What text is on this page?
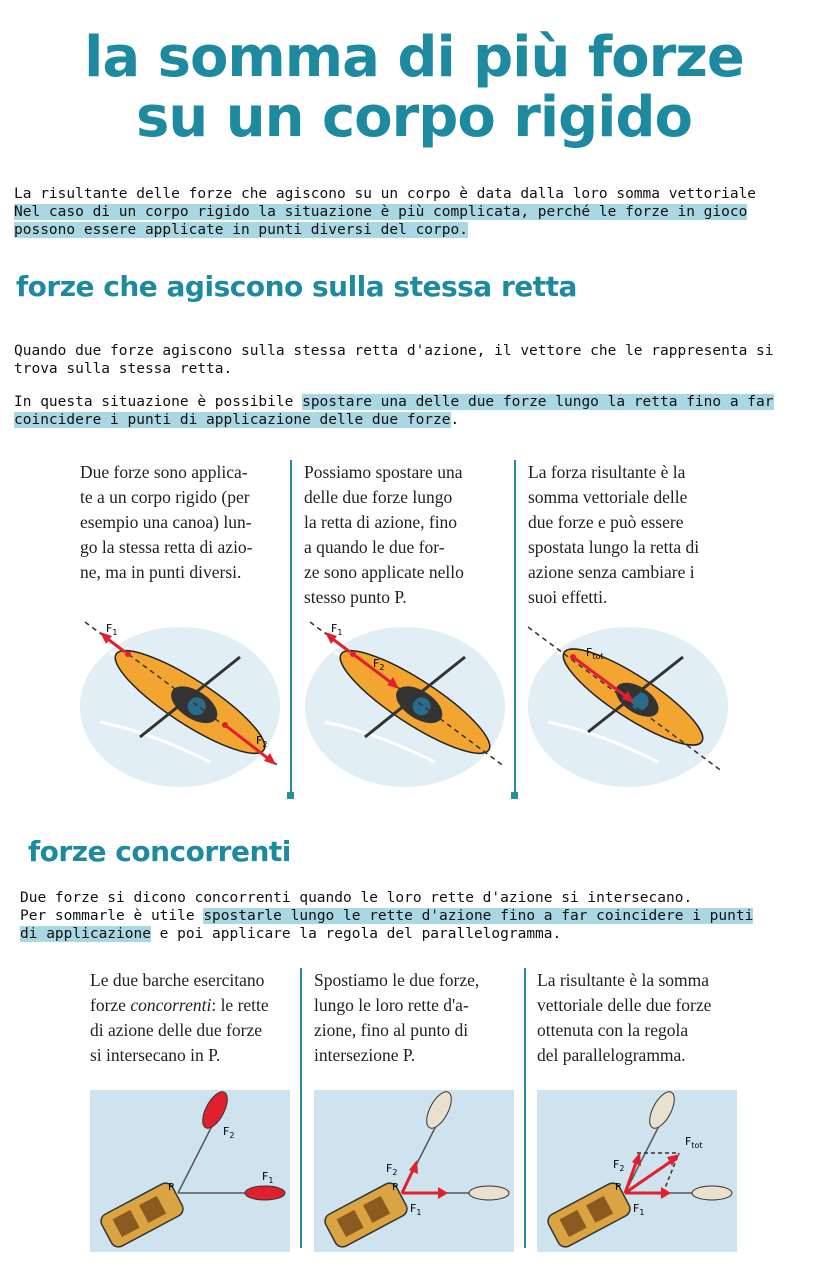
la somma di più forze
su un corpo rigido
La risultante delle forze che agiscono su un corpo è data dalla loro somma vettoriale
Nel caso di un corpo rigido la situazione è più complicata, perché le forze in gioco
possono essere applicate in punti diversi del corpo.
forze che agiscono sulla stessa retta
Quando due forze agiscono sulla stessa retta d'azione, il vettore che le rappresenta si
trova sulla stessa retta.
In questa situazione è possibile spostare una delle due forze lungo la retta fino a far
coincidere i punti di applicazione delle due forze.
Due forze sono applica-
te a un corpo rigido (per
esempio una canoa) lun-
go la stessa retta di azio-
ne, ma in punti diversi.
Possiamo spostare una
delle due forze lungo
la retta di azione, fino
a quando le due for-
ze sono applicate nello
stesso punto P.
La forza risultante è la
somma vettoriale delle
due forze e può essere
spostata lungo la retta di
azione senza cambiare i
suoi effetti.
$F_1$
$F_2$
$F_1$
$F_2$
$F_{tot}$
forze concorrenti
Due forze si dicono concorrenti quando le loro rette d'azione si intersecano.
Per sommarle è utile spostarle lungo le rette d'azione fino a far coincidere i punti
di applicazione e poi applicare la regola del parallelogramma.
Le due barche esercitano
forze concorrenti: le rette
di azione delle due forze
si intersecano in P.
Spostiamo le due forze,
lungo le loro rette d'a-
zione, fino al punto di
intersezione P.
La risultante è la somma
vettoriale delle due forze
ottenuta con la regola
del parallelogramma.
P
$F_2$
$F_1$
P
$F_2$
$F_1$
P
$F_2$
$F_1$
$F_{tot}$
